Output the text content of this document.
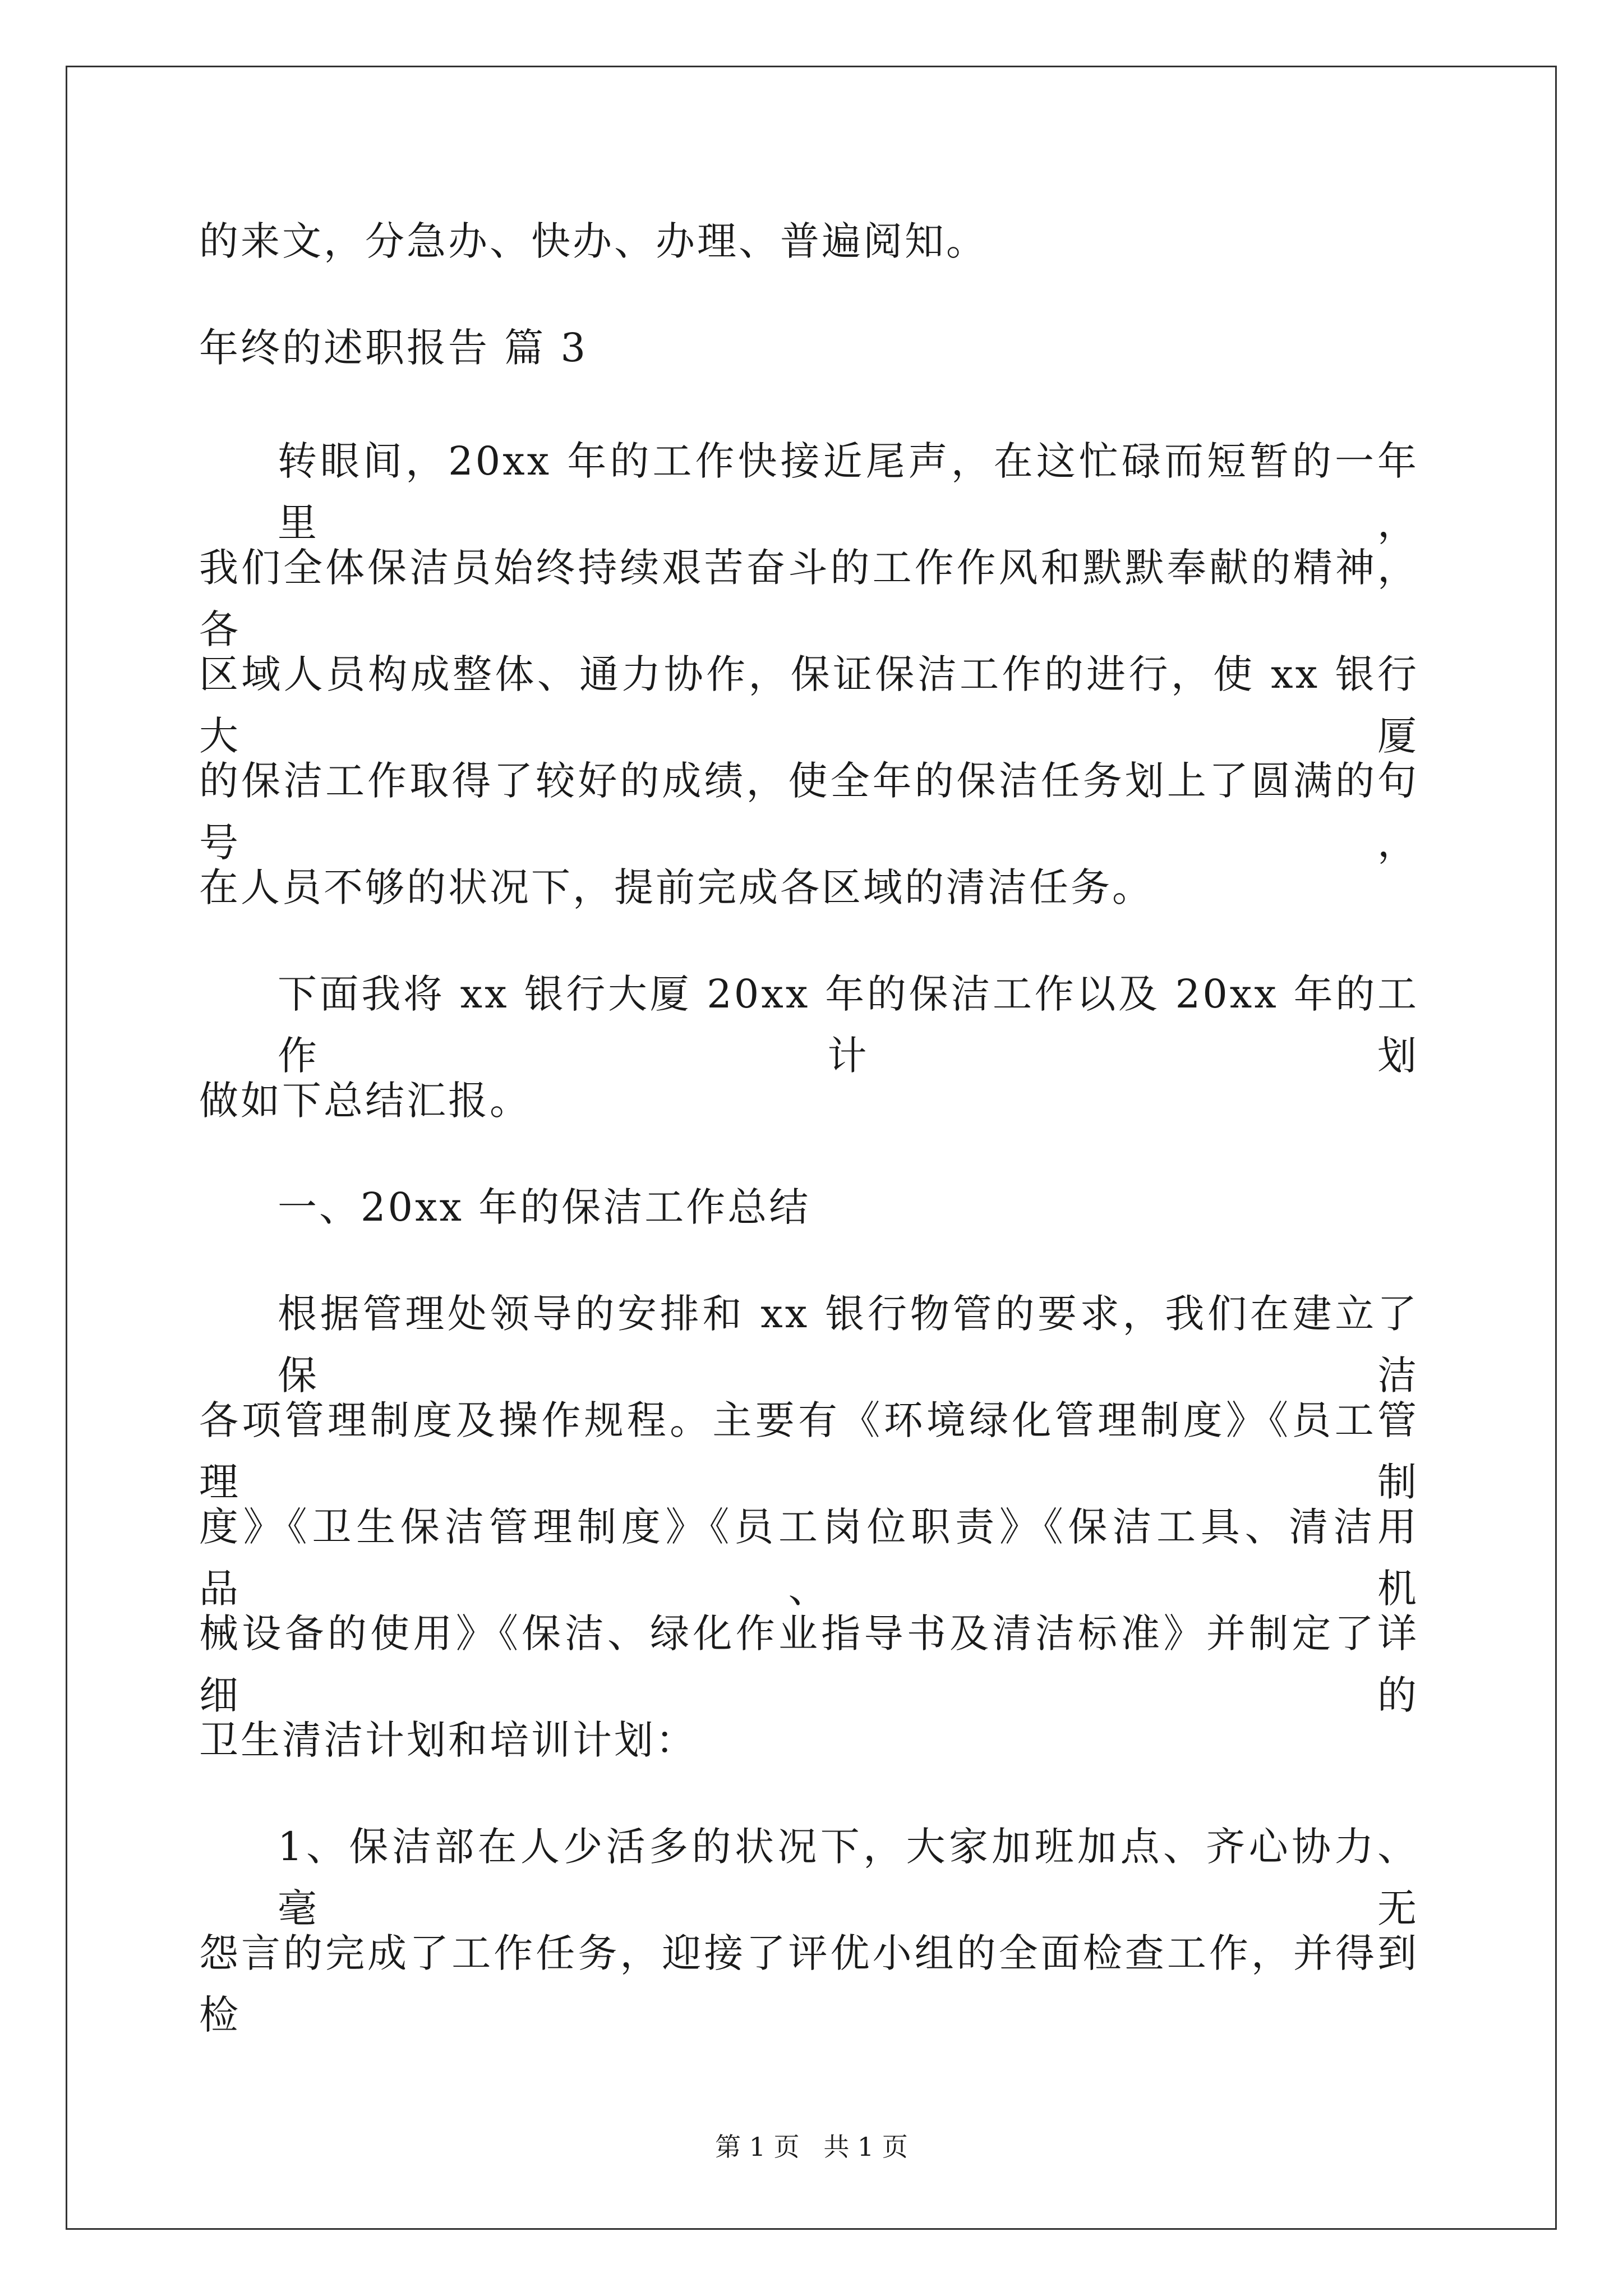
的来文，分急办、快办、办理、普遍阅知。
年终的述职报告 篇 3
转眼间，20xx 年的工作快接近尾声，在这忙碌而短暂的一年里，
我们全体保洁员始终持续艰苦奋斗的工作作风和默默奉献的精神，各
区域人员构成整体、通力协作，保证保洁工作的进行，使 xx 银行大厦
的保洁工作取得了较好的成绩，使全年的保洁任务划上了圆满的句号，
在人员不够的状况下，提前完成各区域的清洁任务。
下面我将 xx 银行大厦 20xx 年的保洁工作以及 20xx 年的工作计划
做如下总结汇报。
一、20xx 年的保洁工作总结
根据管理处领导的安排和 xx 银行物管的要求，我们在建立了保洁
各项管理制度及操作规程。主要有《环境绿化管理制度》《员工管理制
度》《卫生保洁管理制度》《员工岗位职责》《保洁工具、清洁用品、机
械设备的使用》《保洁、绿化作业指导书及清洁标准》并制定了详细的
卫生清洁计划和培训计划：
1、保洁部在人少活多的状况下，大家加班加点、齐心协力、毫无
怨言的完成了工作任务，迎接了评优小组的全面检查工作，并得到检
第 1 页 共 1 页
